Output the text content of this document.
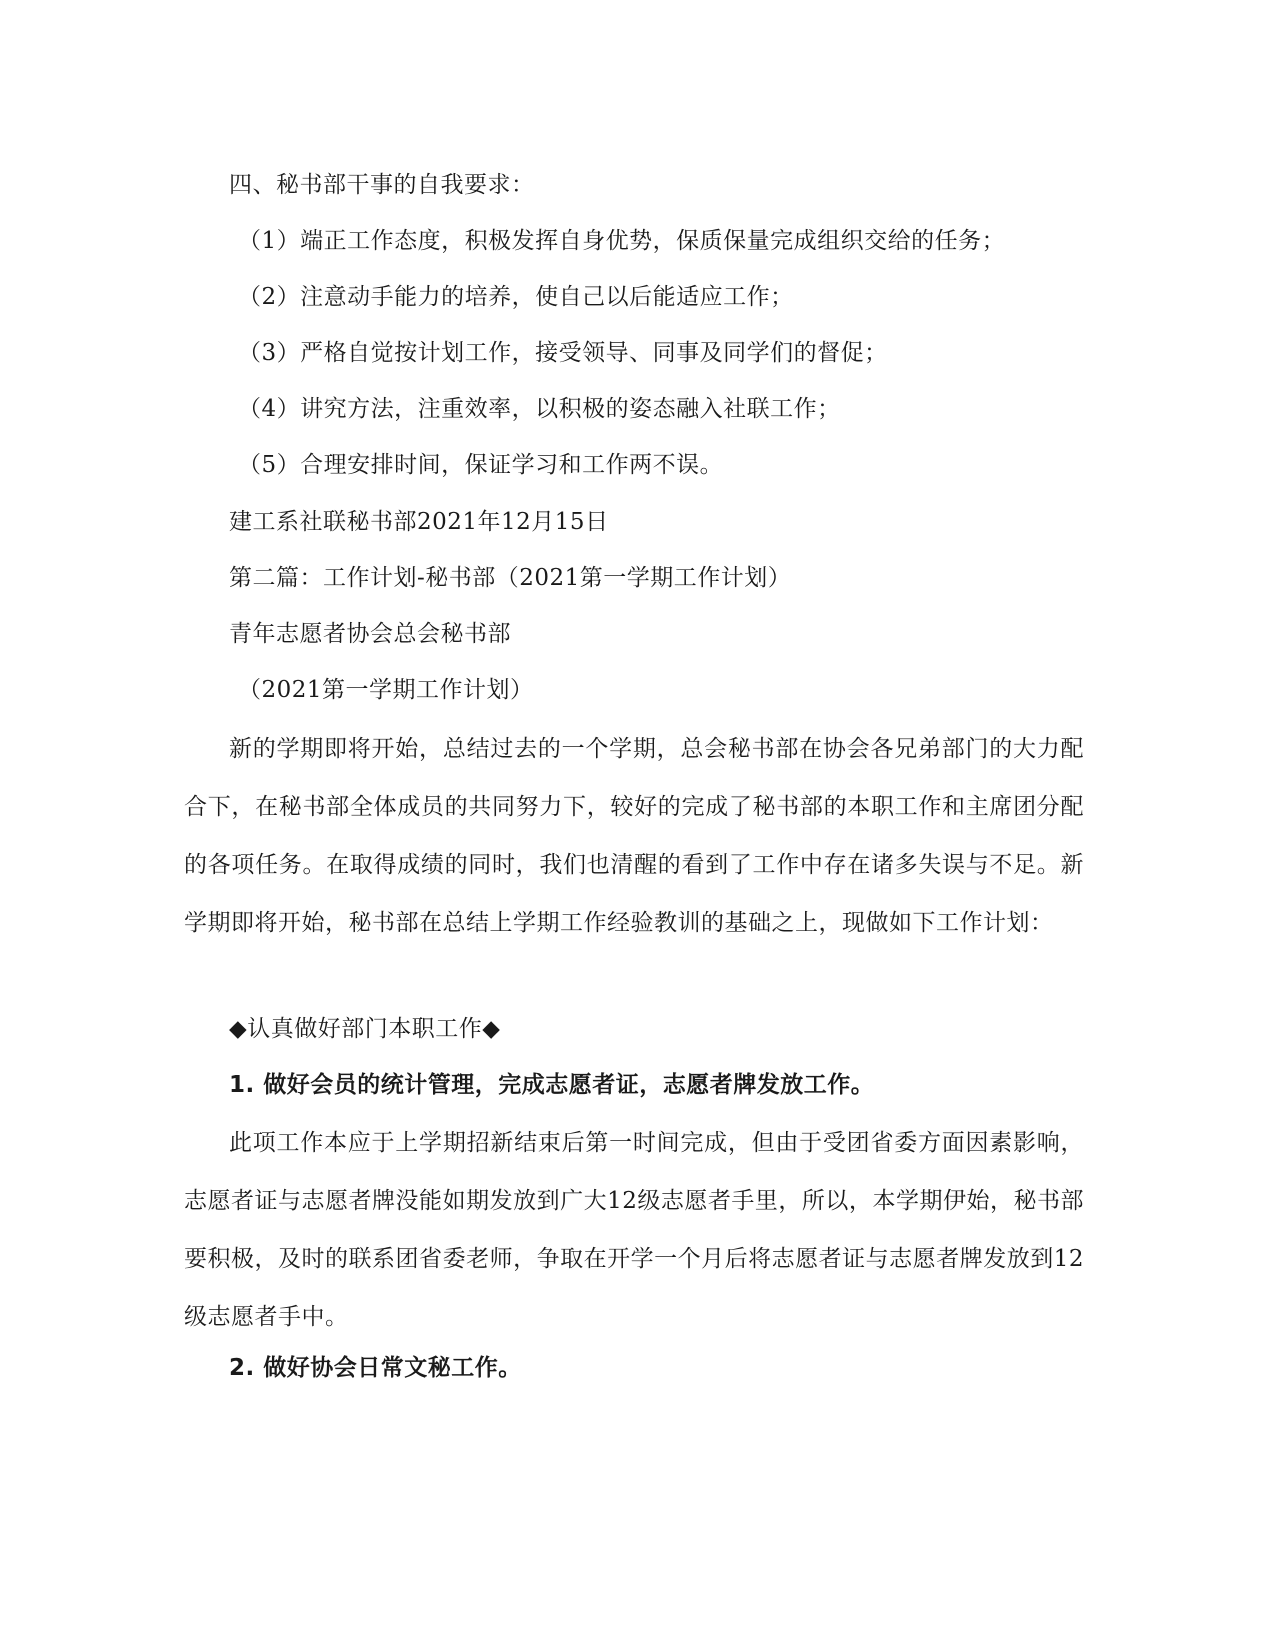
四、秘书部干事的自我要求：
（1）端正工作态度，积极发挥自身优势，保质保量完成组织交给的任务；
（2）注意动手能力的培养，使自己以后能适应工作；
（3）严格自觉按计划工作，接受领导、同事及同学们的督促；
（4）讲究方法，注重效率，以积极的姿态融入社联工作；
（5）合理安排时间，保证学习和工作两不误。
建工系社联秘书部2021年12月15日
第二篇：工作计划-秘书部（2021第一学期工作计划）
青年志愿者协会总会秘书部
（2021第一学期工作计划）
新的学期即将开始，总结过去的一个学期，总会秘书部在协会各兄弟部门的大力配合下，在秘书部全体成员的共同努力下，较好的完成了秘书部的本职工作和主席团分配的各项任务。在取得成绩的同时，我们也清醒的看到了工作中存在诸多失误与不足。新学期即将开始，秘书部在总结上学期工作经验教训的基础之上，现做如下工作计划：
◆认真做好部门本职工作◆
1. 做好会员的统计管理，完成志愿者证，志愿者牌发放工作。
此项工作本应于上学期招新结束后第一时间完成，但由于受团省委方面因素影响，志愿者证与志愿者牌没能如期发放到广大12级志愿者手里，所以，本学期伊始，秘书部要积极，及时的联系团省委老师，争取在开学一个月后将志愿者证与志愿者牌发放到12级志愿者手中。
2. 做好协会日常文秘工作。
